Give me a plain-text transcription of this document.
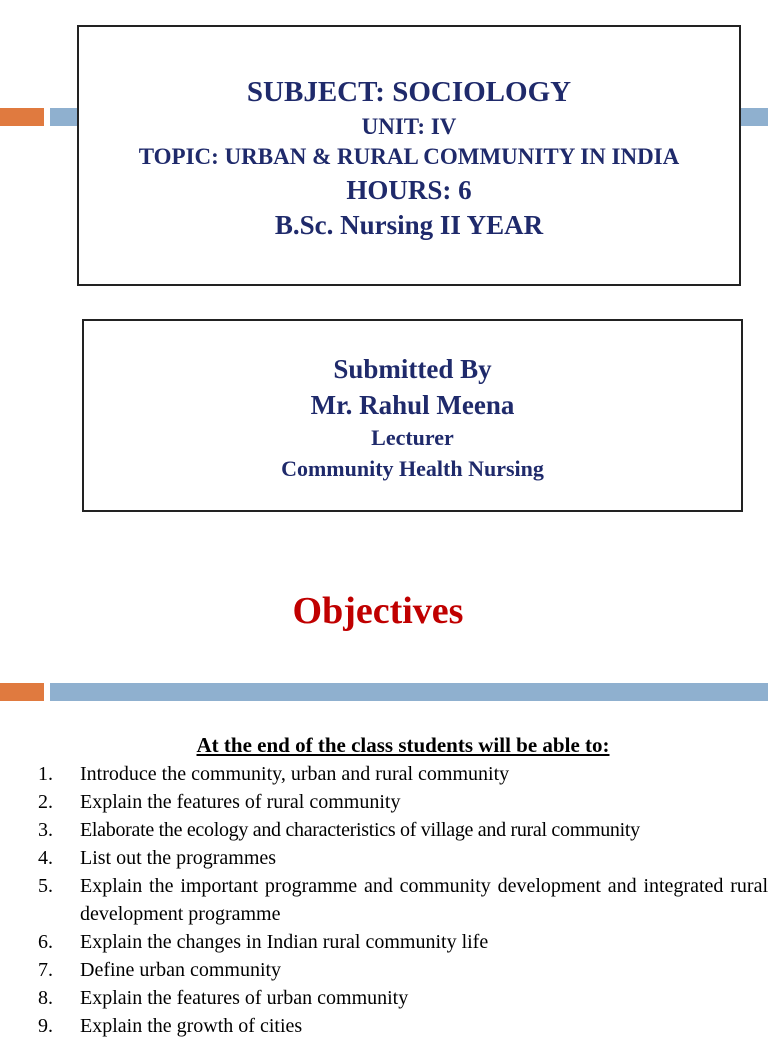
SUBJECT: SOCIOLOGY
UNIT: IV
TOPIC: URBAN & RURAL COMMUNITY IN INDIA
HOURS: 6
B.Sc. Nursing II YEAR
Submitted By
Mr. Rahul Meena
Lecturer
Community Health Nursing
Objectives
At the end of the class students will be able to:
1. Introduce the community, urban and rural community
2. Explain the features of rural community
3. Elaborate the ecology and characteristics of village and rural community
4. List out the programmes
5. Explain the important programme and community development and integrated rural development programme
6. Explain the changes in Indian rural community life
7. Define urban community
8. Explain the features of urban community
9. Explain the growth of cities
